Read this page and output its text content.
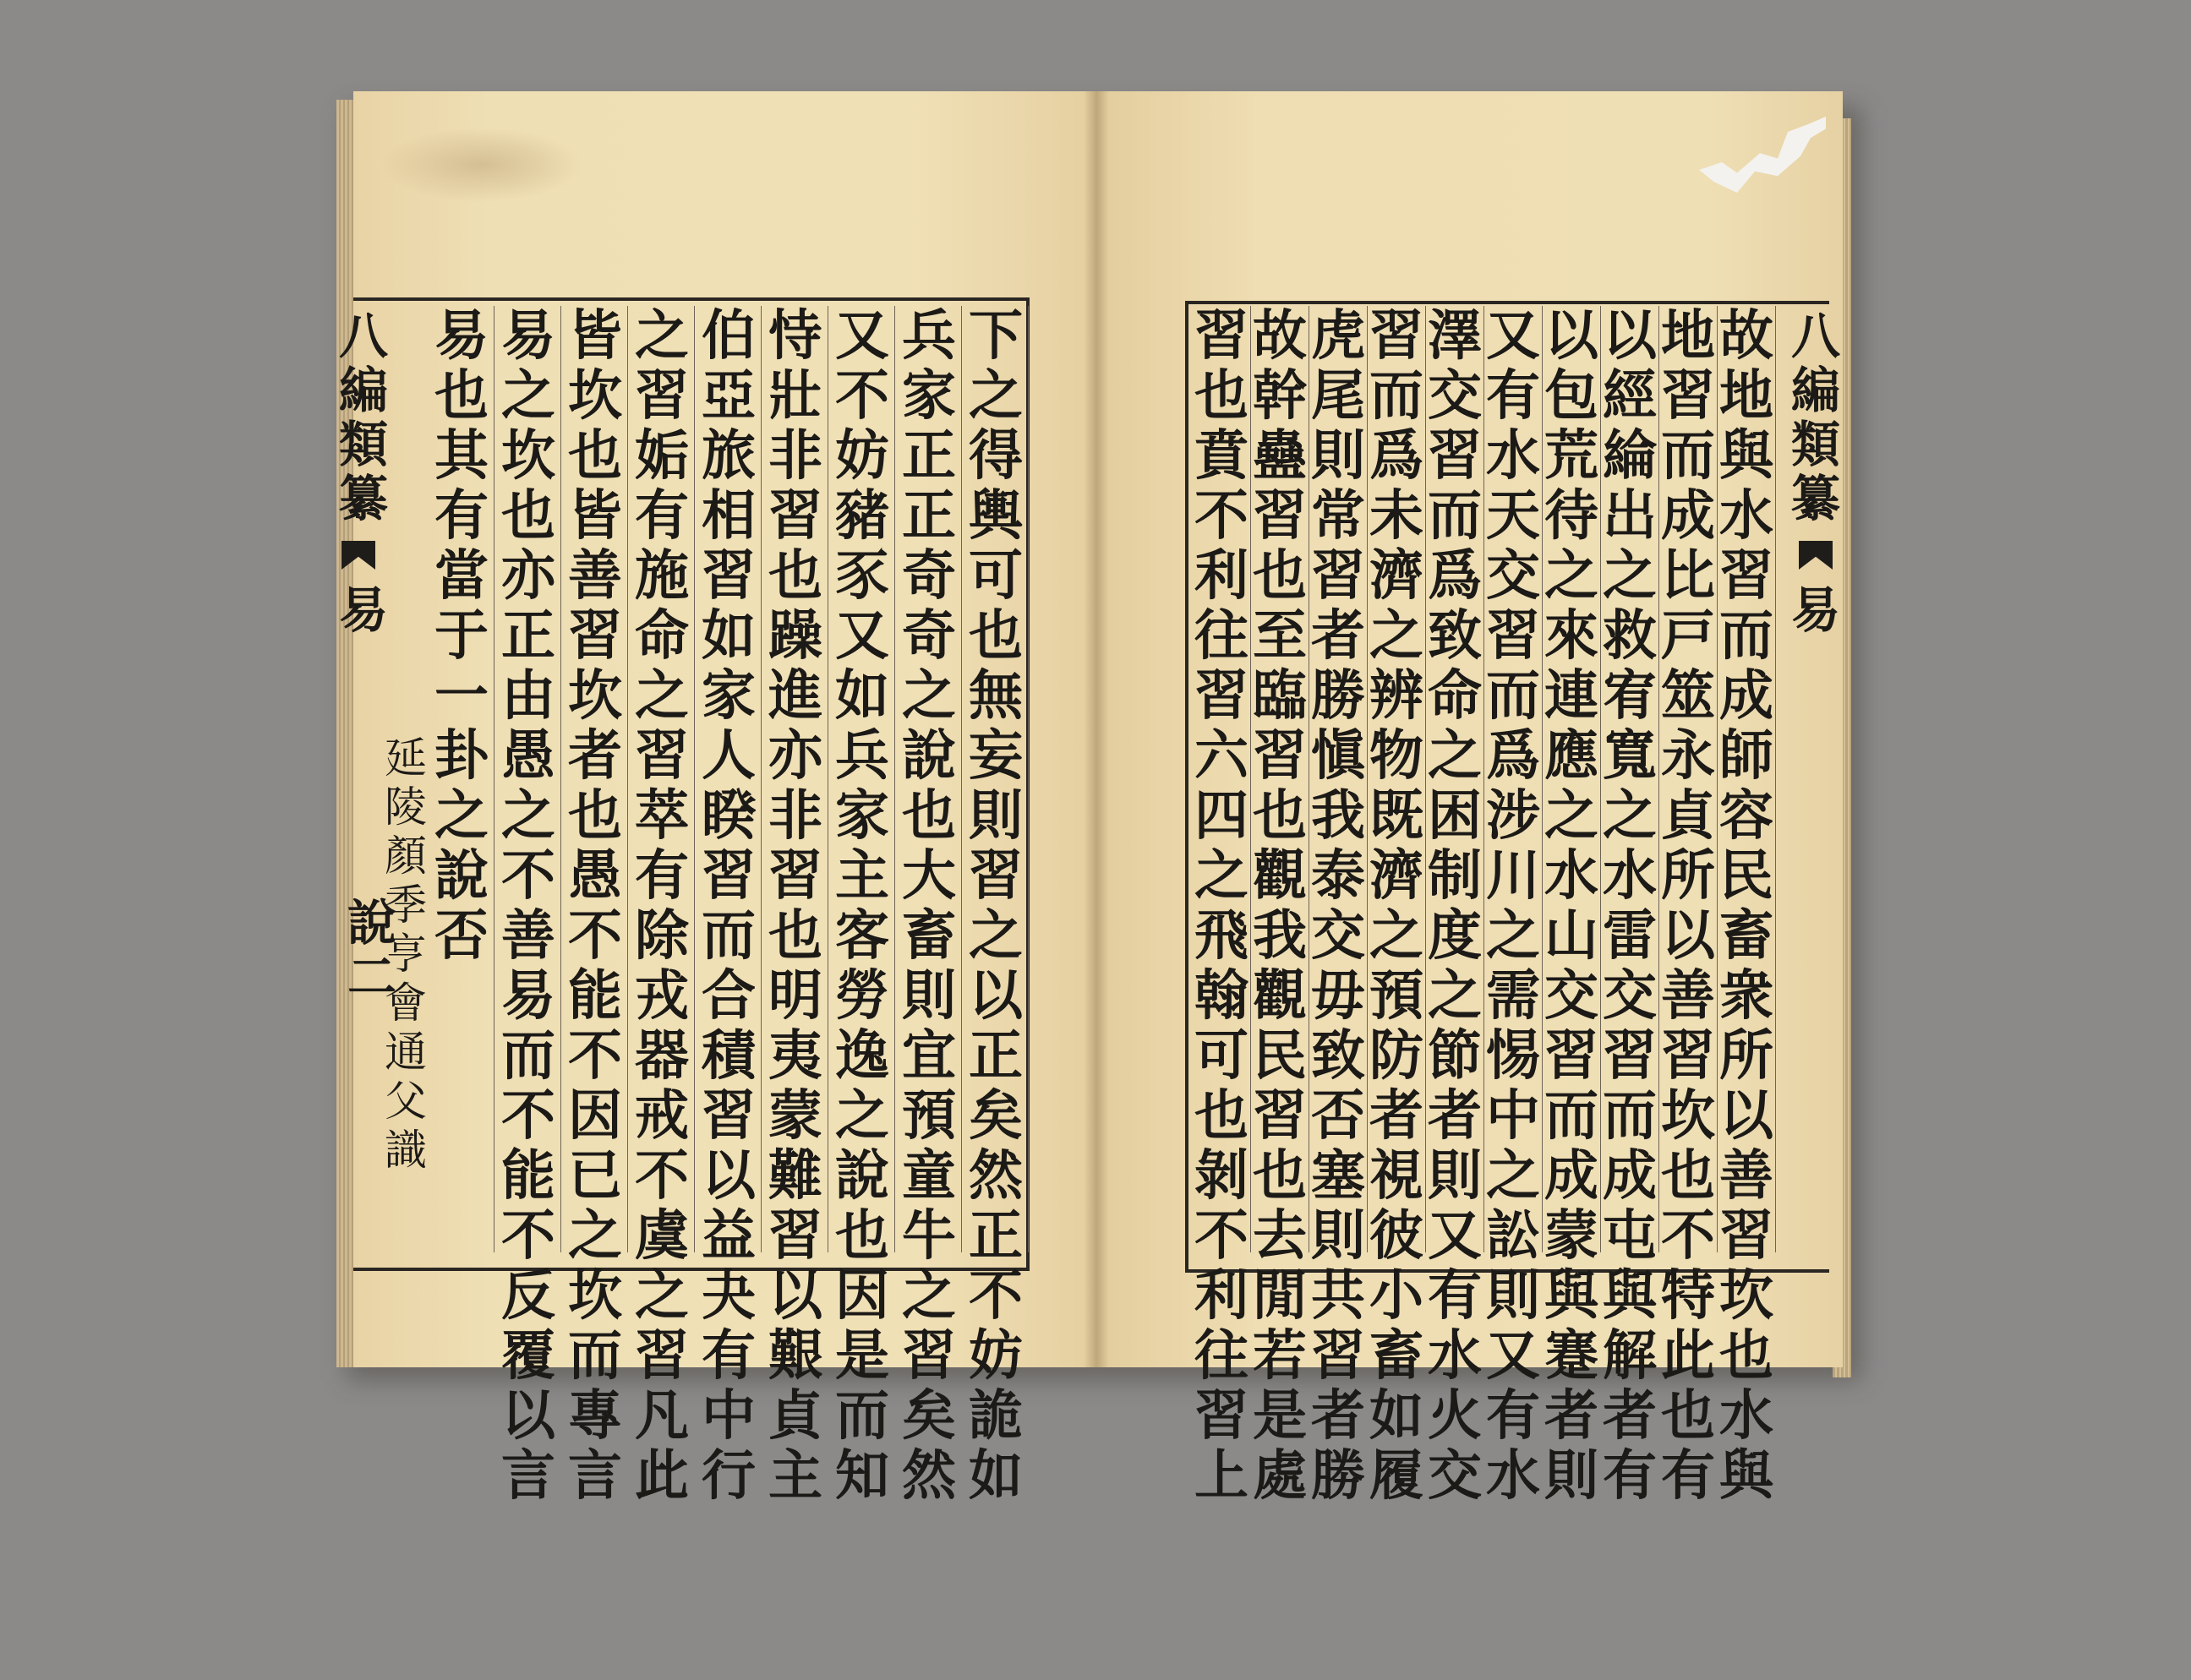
八
編
類
纂
易
說
二
下
之
得
輿
可
也
無
妄
則
習
之
以
正
矣
然
正
不
妨
詭
如
兵
家
正
正
奇
奇
之
說
也
大
畜
則
宜
預
童
牛
之
習
矣
然
又
不
妨
豬
豕
又
如
兵
家
主
客
勞
逸
之
說
也
因
是
而
知
恃
壯
非
習
也
躁
進
亦
非
習
也
明
夷
蒙
難
習
以
艱
貞
主
伯
亞
旅
相
習
如
家
人
睽
習
而
合
積
習
以
益
夬
有
中
行
之
習
姤
有
施
命
之
習
萃
有
除
戎
器
戒
不
虞
之
習
凡
此
皆
坎
也
皆
善
習
坎
者
也
愚
不
能
不
因
已
之
坎
而
專
言
易
之
坎
也
亦
正
由
愚
之
不
善
易
而
不
能
不
反
覆
以
言
易
也
其
有
當
于
一
卦
之
說
否
延
陵
顏
季
亨
會
通
父
識
八
編
類
纂
易
故
地
與
水
習
而
成
師
容
民
畜
衆
所
以
善
習
坎
也
水
與
地
習
而
成
比
戸
筮
永
貞
所
以
善
習
坎
也
不
特
此
也
有
以
經
綸
出
之
救
宥
寬
之
水
雷
交
習
而
成
屯
與
解
者
有
以
包
荒
待
之
來
連
應
之
水
山
交
習
而
成
蒙
與
蹇
者
則
又
有
水
天
交
習
而
爲
涉
川
之
需
惕
中
之
訟
則
又
有
水
澤
交
習
而
爲
致
命
之
困
制
度
之
節
者
則
又
有
水
火
交
習
而
爲
未
濟
之
辨
物
既
濟
之
預
防
者
視
彼
小
畜
如
履
虎
尾
則
常
習
者
勝
愼
我
泰
交
毋
致
否
塞
則
共
習
者
勝
故
幹
蠱
習
也
至
臨
習
也
觀
我
觀
民
習
也
去
閒
若
是
處
習
也
賁
不
利
往
習
六
四
之
飛
翰
可
也
剝
不
利
往
習
上
